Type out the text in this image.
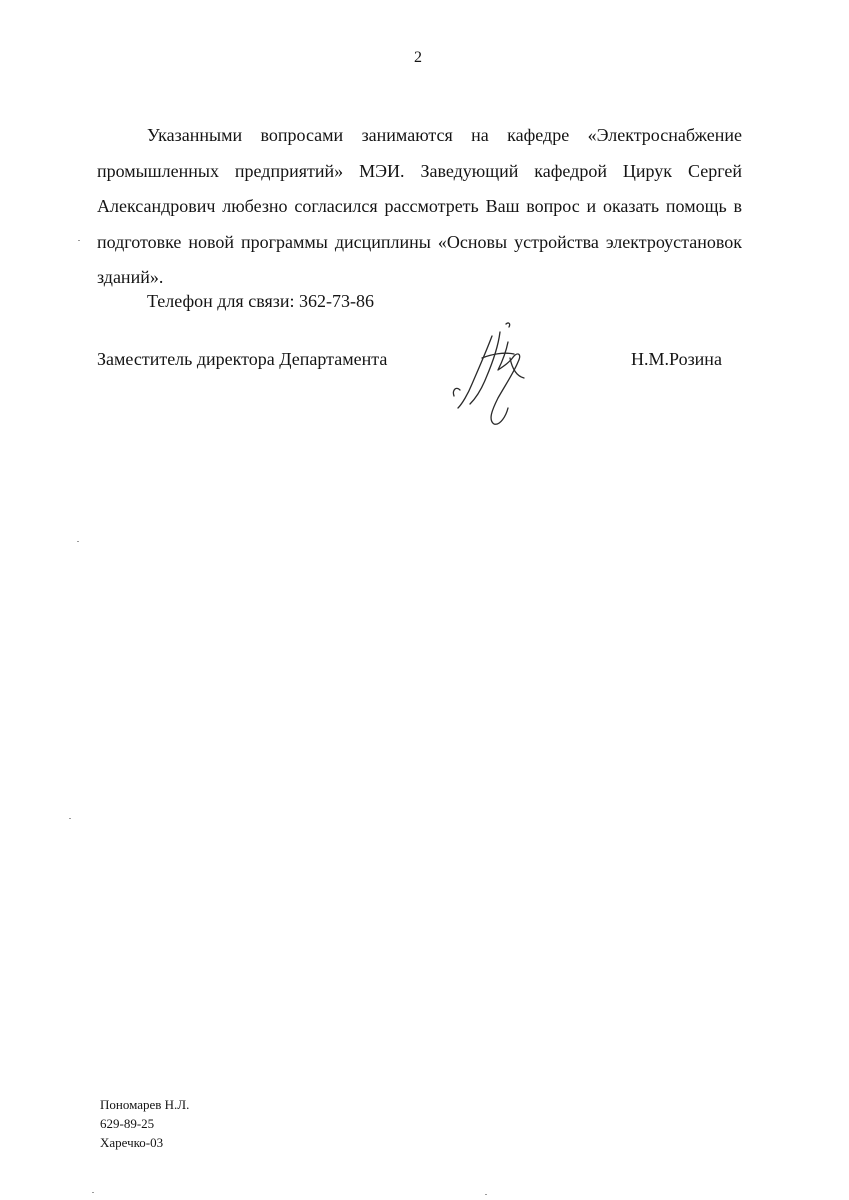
2

Указанными вопросами занимаются на кафедре «Электроснабжение промышленных предприятий» МЭИ. Заведующий кафедрой Цирук Сергей Александрович любезно согласился рассмотреть Ваш вопрос и оказать помощь в подготовке новой программы дисциплины «Основы устройства электроустановок зданий».

Телефон для связи: 362-73-86
Заместитель директора Департамента	Н.М.Розина
Пономарев Н.Л.
629-89-25
Харечко-03
